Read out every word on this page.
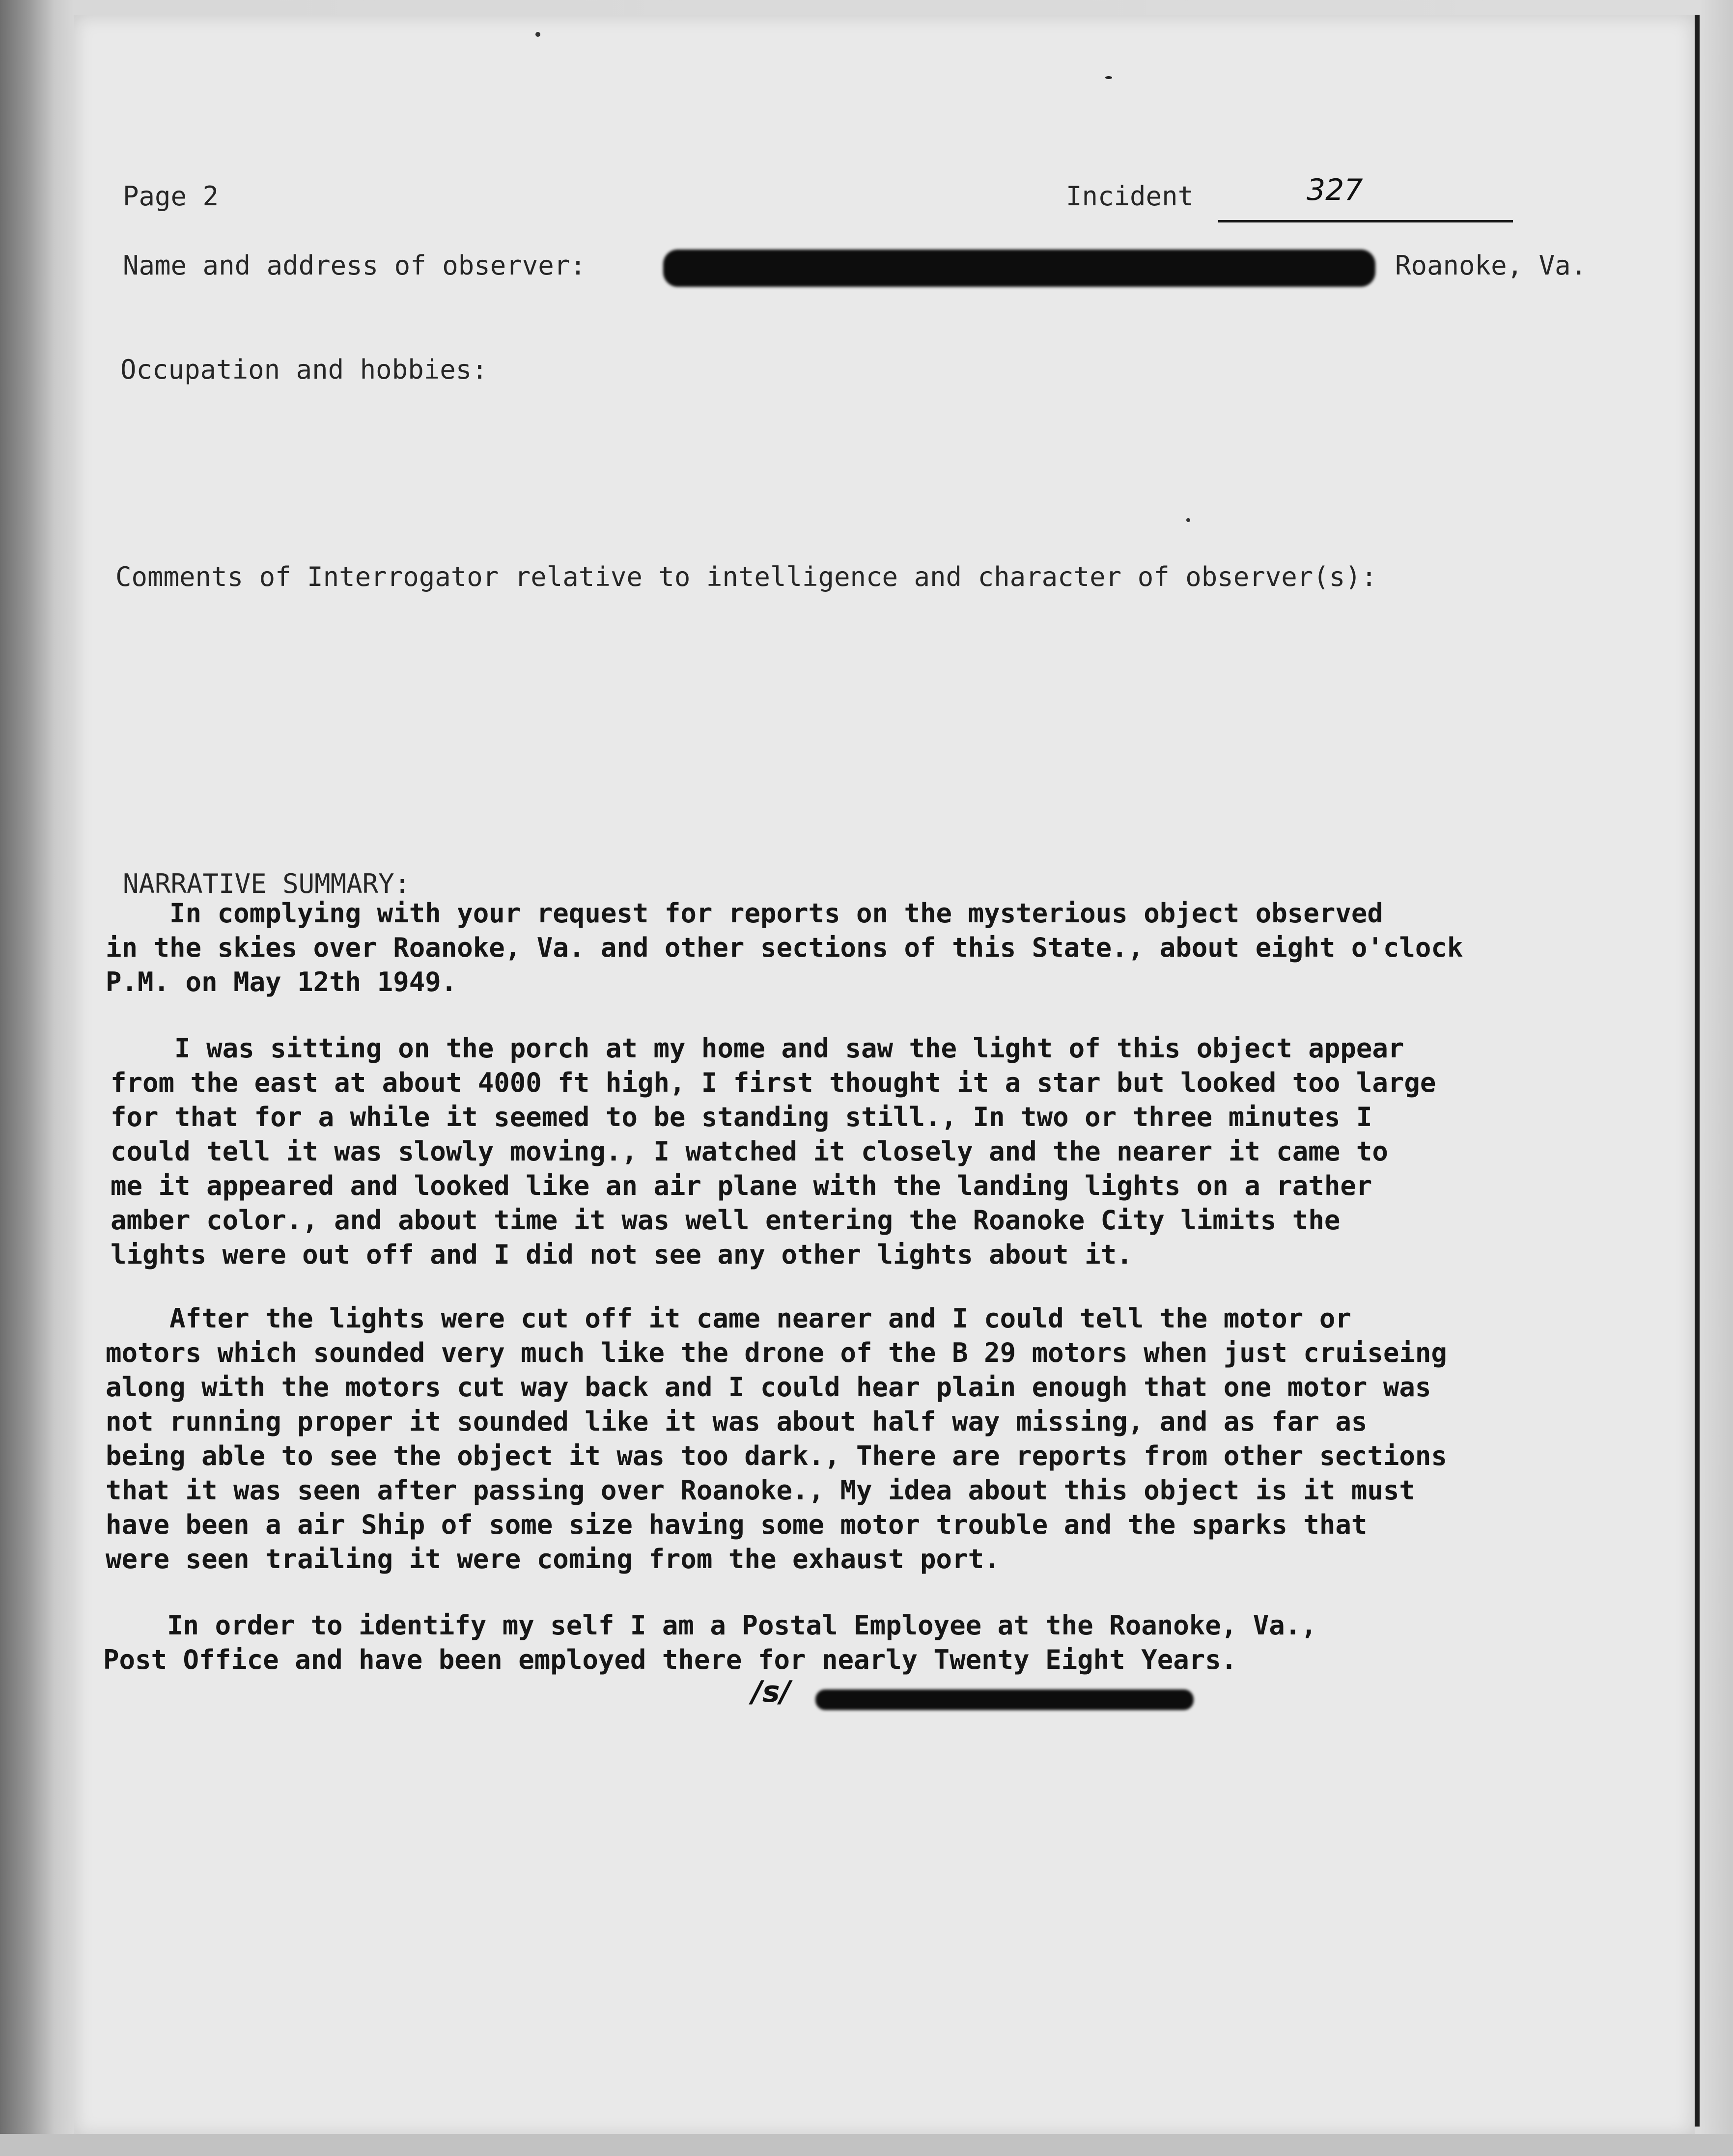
Page 2	Incident	327
Name and address of observer:	Roanoke, Va.
Occupation and hobbies:
Comments of Interrogator relative to intelligence and character of observer(s):
NARRATIVE SUMMARY:
In complying with your request for reports on the mysterious object observed
in the skies over Roanoke, Va. and other sections of this State., about eight o'clock
P.M. on May 12th 1949.
I was sitting on the porch at my home and saw the light of this object appear
from the east at about 4000 ft high, I first thought it a star but looked too large
for that for a while it seemed to be standing still., In two or three minutes I
could tell it was slowly moving., I watched it closely and the nearer it came to
me it appeared and looked like an air plane with the landing lights on a rather
amber color., and about time it was well entering the Roanoke City limits the
lights were out off and I did not see any other lights about it.
After the lights were cut off it came nearer and I could tell the motor or
motors which sounded very much like the drone of the B 29 motors when just cruiseing
along with the motors cut way back and I could hear plain enough that one motor was
not running proper it sounded like it was about half way missing, and as far as
being able to see the object it was too dark., There are reports from other sections
that it was seen after passing over Roanoke., My idea about this object is it must
have been a air Ship of some size having some motor trouble and the sparks that
were seen trailing it were coming from the exhaust port.
In order to identify my self I am a Postal Employee at the Roanoke, Va.,
Post Office and have been employed there for nearly Twenty Eight Years.
/s/
